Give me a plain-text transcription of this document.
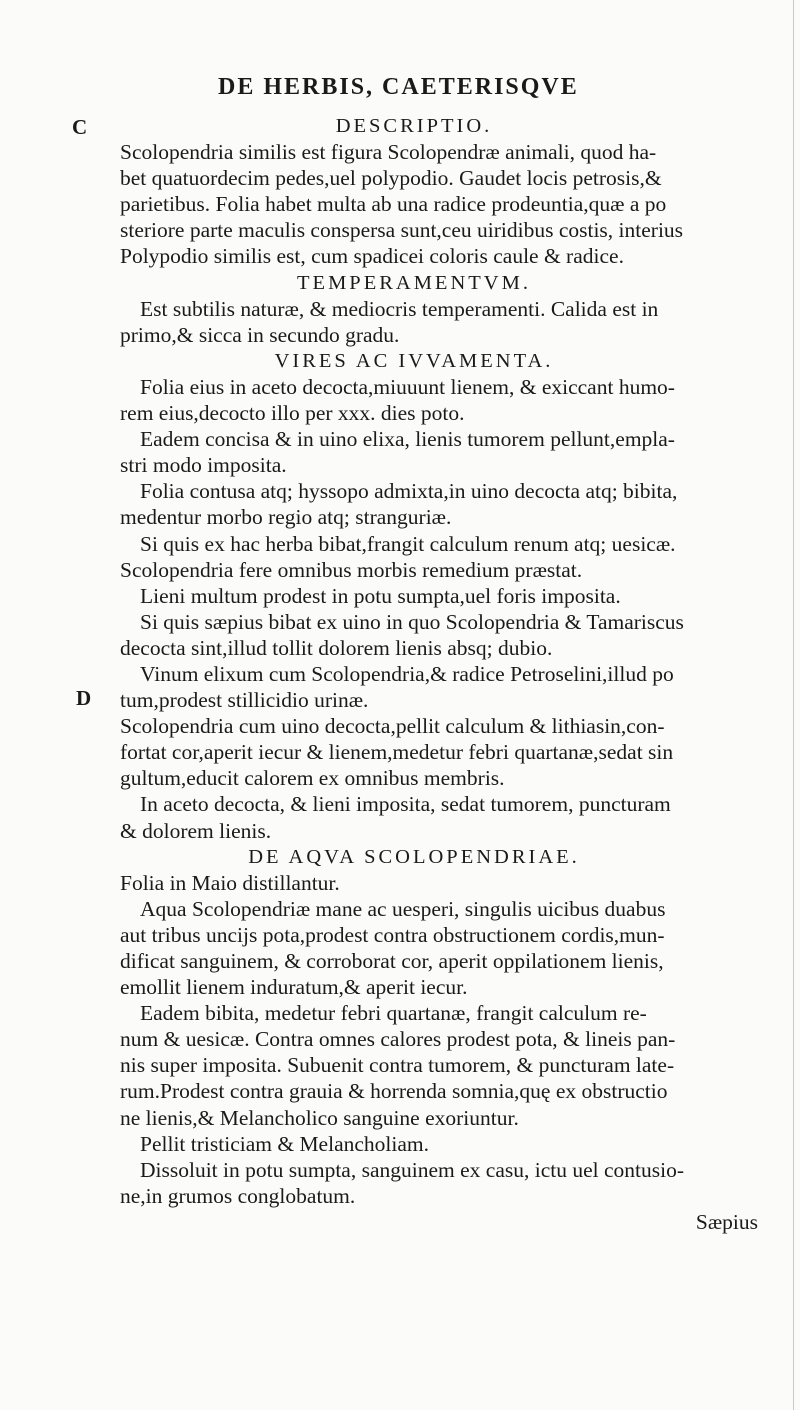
DE HERBIS, CAETERISQVE
C
D
DESCRIPTIO.
Scolopendria similis est figura Scolopendræ animali, quod ha-
bet quatuordecim pedes,uel polypodio. Gaudet locis petrosis,&
parietibus. Folia habet multa ab una radice prodeuntia,quæ a po
steriore parte maculis conspersa sunt,ceu uiridibus costis, interius
Polypodio similis est, cum spadicei coloris caule & radice.
TEMPERAMENTVM.
Est subtilis naturæ, & mediocris temperamenti. Calida est in
primo,& sicca in secundo gradu.
VIRES AC IVVAMENTA.
Folia eius in aceto decocta,miuuunt lienem, & exiccant humo-
rem eius,decocto illo per xxx. dies poto.
Eadem concisa & in uino elixa, lienis tumorem pellunt,empla-
stri modo imposita.
Folia contusa atq; hyssopo admixta,in uino decocta atq; bibita,
medentur morbo regio atq; stranguriæ.
Si quis ex hac herba bibat,frangit calculum renum atq; uesicæ.
Scolopendria fere omnibus morbis remedium præstat.
Lieni multum prodest in potu sumpta,uel foris imposita.
Si quis sæpius bibat ex uino in quo Scolopendria & Tamariscus
decocta sint,illud tollit dolorem lienis absq; dubio.
Vinum elixum cum Scolopendria,& radice Petroselini,illud po
tum,prodest stillicidio urinæ.
Scolopendria cum uino decocta,pellit calculum & lithiasin,con-
fortat cor,aperit iecur & lienem,medetur febri quartanæ,sedat sin
gultum,educit calorem ex omnibus membris.
In aceto decocta, & lieni imposita, sedat tumorem, puncturam
& dolorem lienis.
DE AQVA SCOLOPENDRIAE.
Folia in Maio distillantur.
Aqua Scolopendriæ mane ac uesperi, singulis uicibus duabus
aut tribus uncijs pota,prodest contra obstructionem cordis,mun-
dificat sanguinem, & corroborat cor, aperit oppilationem lienis,
emollit lienem induratum,& aperit iecur.
Eadem bibita, medetur febri quartanæ, frangit calculum re-
num & uesicæ. Contra omnes calores prodest pota, & lineis pan-
nis super imposita. Subuenit contra tumorem, & puncturam late-
rum.Prodest contra grauia & horrenda somnia,quę ex obstructio
ne lienis,& Melancholico sanguine exoriuntur.
Pellit tristiciam & Melancholiam.
Dissoluit in potu sumpta, sanguinem ex casu, ictu uel contusio-
ne,in grumos conglobatum.
Sæpius
